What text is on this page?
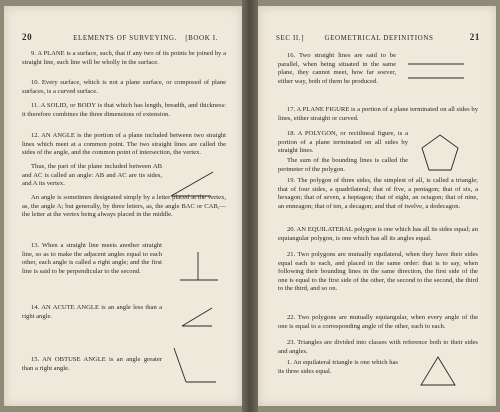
20	ELEMENTS OF SURVEYING.	[BOOK I.
9. A PLANE is a surface, such, that if any two of its points be joined by a straight line, such line will be wholly in the surface.
10. Every surface, which is not a plane surface, or composed of plane surfaces, is a curved surface.
11. A SOLID, or BODY is that which has length, breadth, and thickness: it therefore combines the three dimensions of extension.
12. AN ANGLE is the portion of a plane included between two straight lines which meet at a common point. The two straight lines are called the sides of the angle, and the common point of intersection, the vertex.
Thus, the part of the plane included between AB and AC is called an angle: AB and AC are its sides, and A its vertex.
An angle is sometimes designated simply by a letter placed at the vertex, as, the angle A; but generally, by three letters, as, the angle BAC or CAB,—the letter at the vertex being always placed in the middle.
13. When a straight line meets another straight line, so as to make the adjacent angles equal to each other, each angle is called a right angle; and the first line is said to be perpendicular to the second.
14. AN ACUTE ANGLE is an angle less than a right angle.
15. AN OBTUSE ANGLE is an angle greater than a right angle.
SEC II.]	GEOMETRICAL DEFINITIONS	21
16. Two straight lines are said to be parallel, when being situated in the same plane, they cannot meet, how far soever, either way, both of them be produced.
17. A PLANE FIGURE is a portion of a plane terminated on all sides by lines, either straight or curved.
18. A POLYGON, or rectilineal figure, is a portion of a plane terminated on all sides by straight lines.
The sum of the bounding lines is called the perimeter of the polygon.
19. The polygon of three sides, the simplest of all, is called a triangle; that of four sides, a quadrilateral; that of five, a pentagon; that of six, a hexagon; that of seven, a heptagon; that of eight, an octagon; that of nine, an enneagon; that of ten, a decagon; and that of twelve, a dodecagon.
20. AN EQUILATERAL polygon is one which has all its sides equal; an equiangular polygon, is one which has all its angles equal.
21. Two polygons are mutually equilateral, when they have their sides equal each to each, and placed in the same order: that is to say, when following their bounding lines in the same direction, the first side of the one is equal to the first side of the other, the second to the second, the third to the third, and so on.
22. Two polygons are mutually equiangular, when every angle of the one is equal to a corresponding angle of the other, each to each.
23. Triangles are divided into classes with reference both to their sides and angles.
1. An equilateral triangle is one which has its three sides equal.
